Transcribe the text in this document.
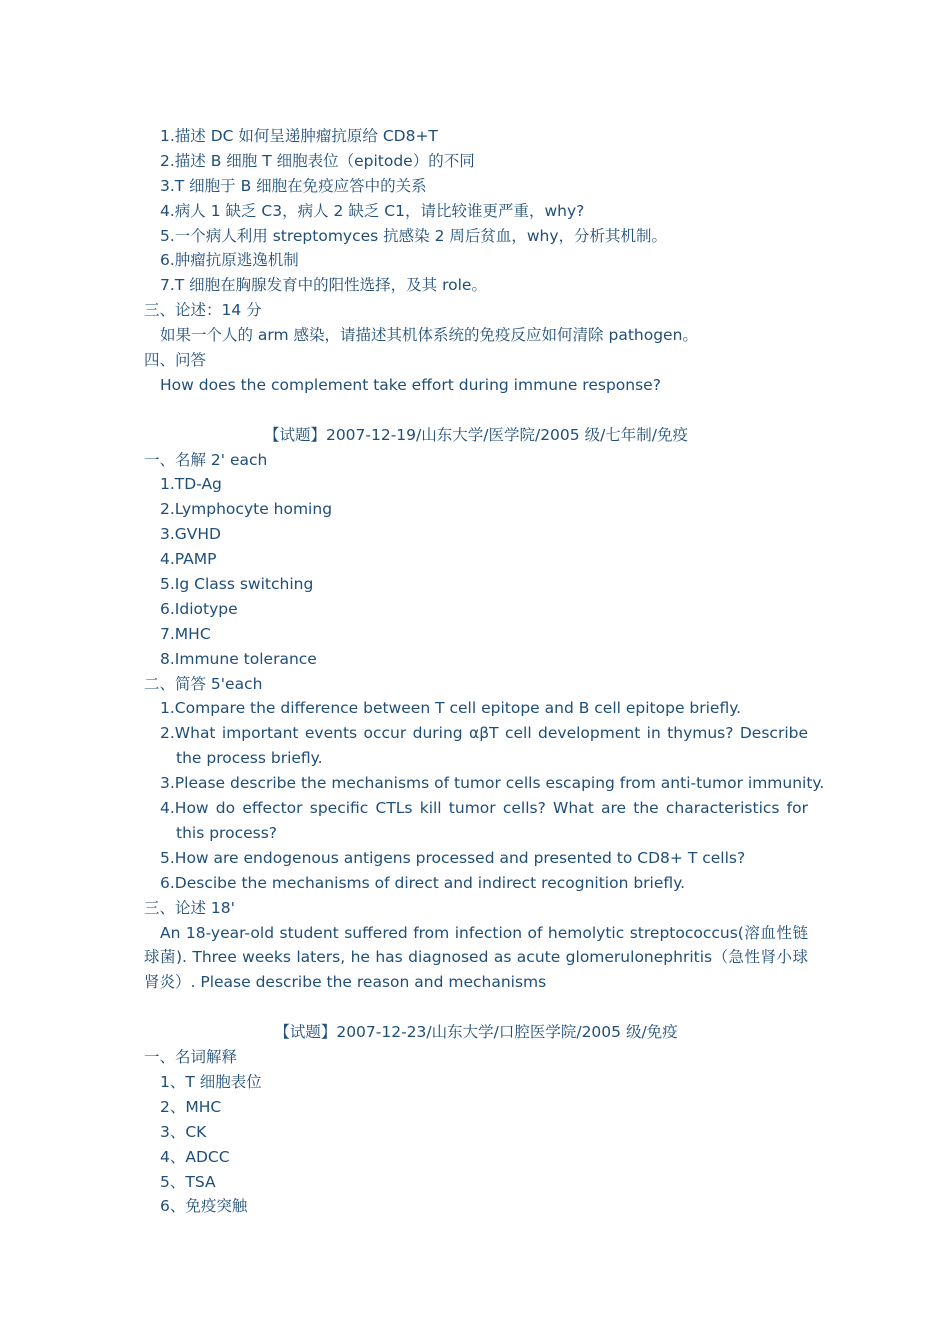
1.描述 DC 如何呈递肿瘤抗原给 CD8+T
2.描述 B 细胞 T 细胞表位（epitode）的不同
3.T 细胞于 B 细胞在免疫应答中的关系
4.病人 1 缺乏 C3，病人 2 缺乏 C1，请比较谁更严重，why?
5.一个病人利用 streptomyces 抗感染 2 周后贫血，why，分析其机制。
6.肿瘤抗原逃逸机制
7.T 细胞在胸腺发育中的阳性选择，及其 role。
三、论述：14 分
如果一个人的 arm 感染，请描述其机体系统的免疫反应如何清除 pathogen。
四、问答
How does the complement take effort during immune response?
【试题】2007-12-19/山东大学/医学院/2005 级/七年制/免疫
一、名解 2' each
1.TD-Ag
2.Lymphocyte homing
3.GVHD
4.PAMP
5.Ig Class switching
6.Idiotype
7.MHC
8.Immune tolerance
二、简答 5'each
1.Compare the difference between T cell epitope and B cell epitope briefly.
2.What important events occur during αβT cell development in thymus? Describe the process briefly.
3.Please describe the mechanisms of tumor cells escaping from anti-tumor immunity.
4.How do effector specific CTLs kill tumor cells? What are the characteristics for this process?
5.How are endogenous antigens processed and presented to CD8+ T cells?
6.Descibe the mechanisms of direct and indirect recognition briefly.
三、论述 18'
An 18-year-old student suffered from infection of hemolytic streptococcus(溶血性链球菌). Three weeks laters, he has diagnosed as acute glomerulonephritis（急性肾小球肾炎）. Please describe the reason and mechanisms
【试题】2007-12-23/山东大学/口腔医学院/2005 级/免疫
一、名词解释
1、T 细胞表位
2、MHC
3、CK
4、ADCC
5、TSA
6、免疫突触
